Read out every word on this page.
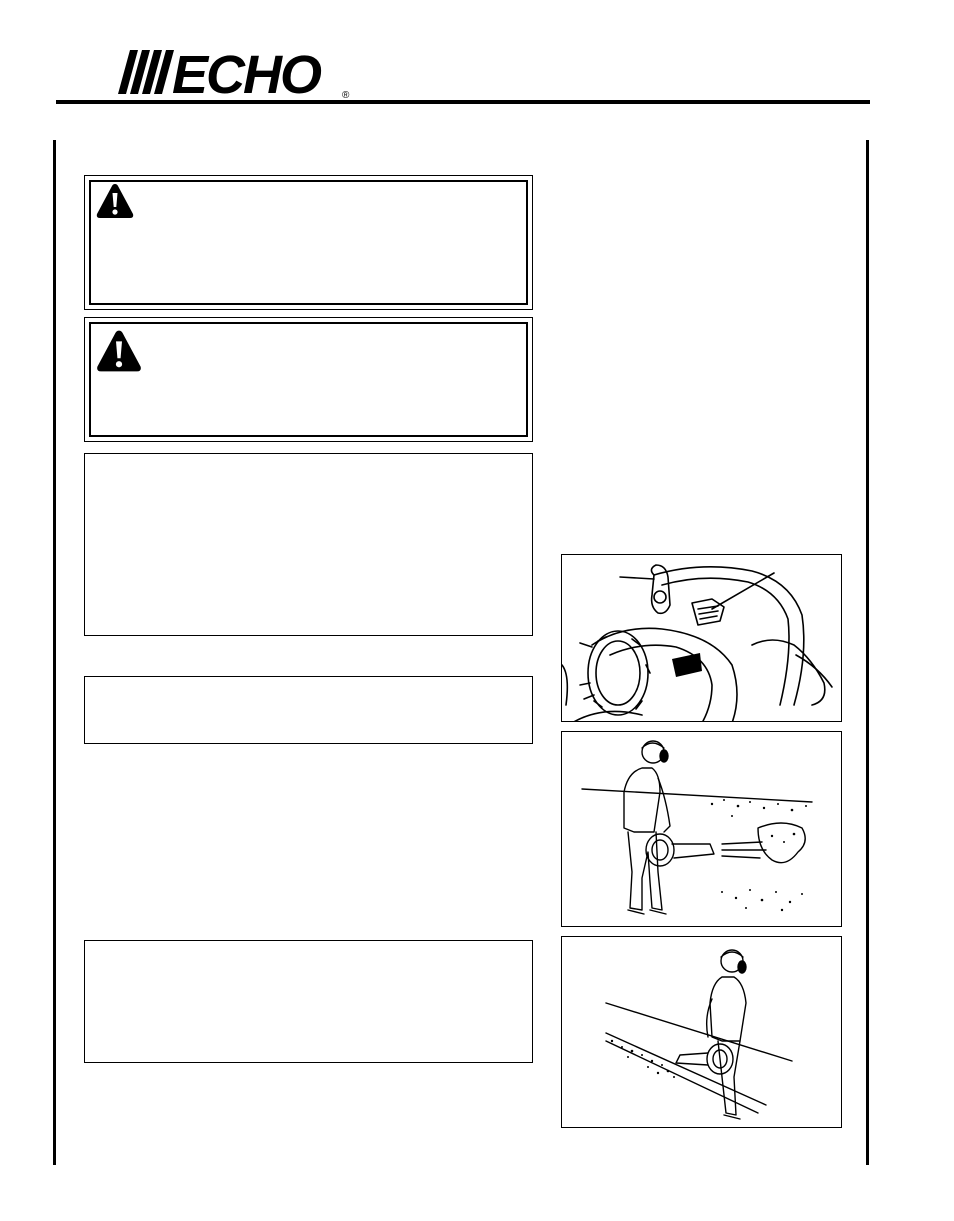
ECHO ®
